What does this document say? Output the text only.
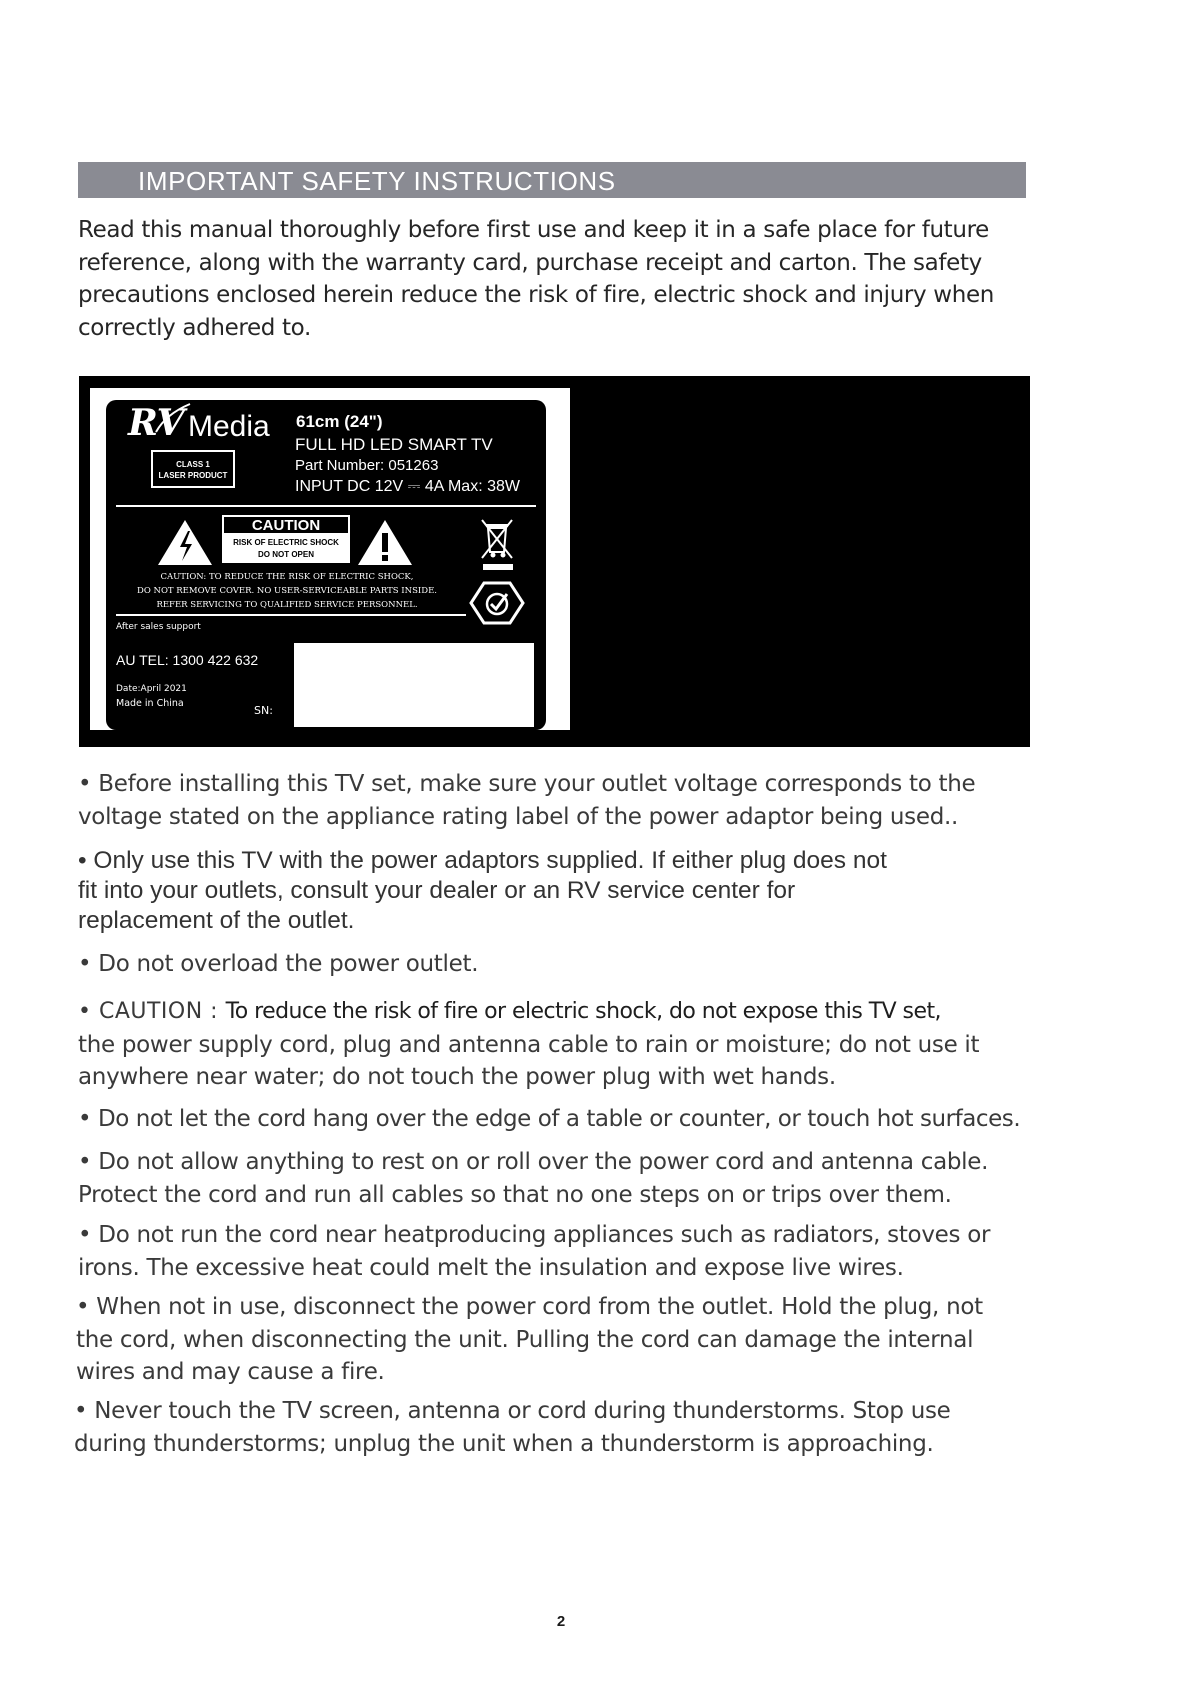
IMPORTANT SAFETY INSTRUCTIONS

Read this manual thoroughly before first use and keep it in a safe place for future
reference, along with the warranty card, purchase receipt and carton. The safety
precautions enclosed herein reduce the risk of fire, electric shock and injury when
correctly adhered to.

RV Media
CLASS 1
LASER PRODUCT
61cm (24")
FULL HD LED SMART TV
Part Number: 051263
INPUT DC 12V ⎓ 4A Max: 38W
CAUTION
RISK OF ELECTRIC SHOCK
DO NOT OPEN
CAUTION: TO REDUCE THE RISK OF ELECTRIC SHOCK,
DO NOT REMOVE COVER. NO USER-SERVICEABLE PARTS INSIDE.
REFER SERVICING TO QUALIFIED SERVICE PERSONNEL.
After sales support
AU TEL: 1300 422 632
Date:April 2021
Made in China
SN:
• Before installing this TV set, make sure your outlet voltage corresponds to the
voltage stated on the appliance rating label of the power adaptor being used..
• Only use this TV with the power adaptors supplied. If either plug does not
fit into your outlets, consult your dealer or an RV service center for
replacement of the outlet.
• Do not overload the power outlet.
• CAUTION : To reduce the risk of fire or electric shock, do not expose this TV set,
the power supply cord, plug and antenna cable to rain or moisture; do not use it
anywhere near water; do not touch the power plug with wet hands.
• Do not let the cord hang over the edge of a table or counter, or touch hot surfaces.
• Do not allow anything to rest on or roll over the power cord and antenna cable.
Protect the cord and run all cables so that no one steps on or trips over them.
• Do not run the cord near heatproducing appliances such as radiators, stoves or
irons. The excessive heat could melt the insulation and expose live wires.
• When not in use, disconnect the power cord from the outlet. Hold the plug, not
the cord, when disconnecting the unit. Pulling the cord can damage the internal
wires and may cause a fire.
• Never touch the TV screen, antenna or cord during thunderstorms. Stop use
during thunderstorms; unplug the unit when a thunderstorm is approaching.

2
